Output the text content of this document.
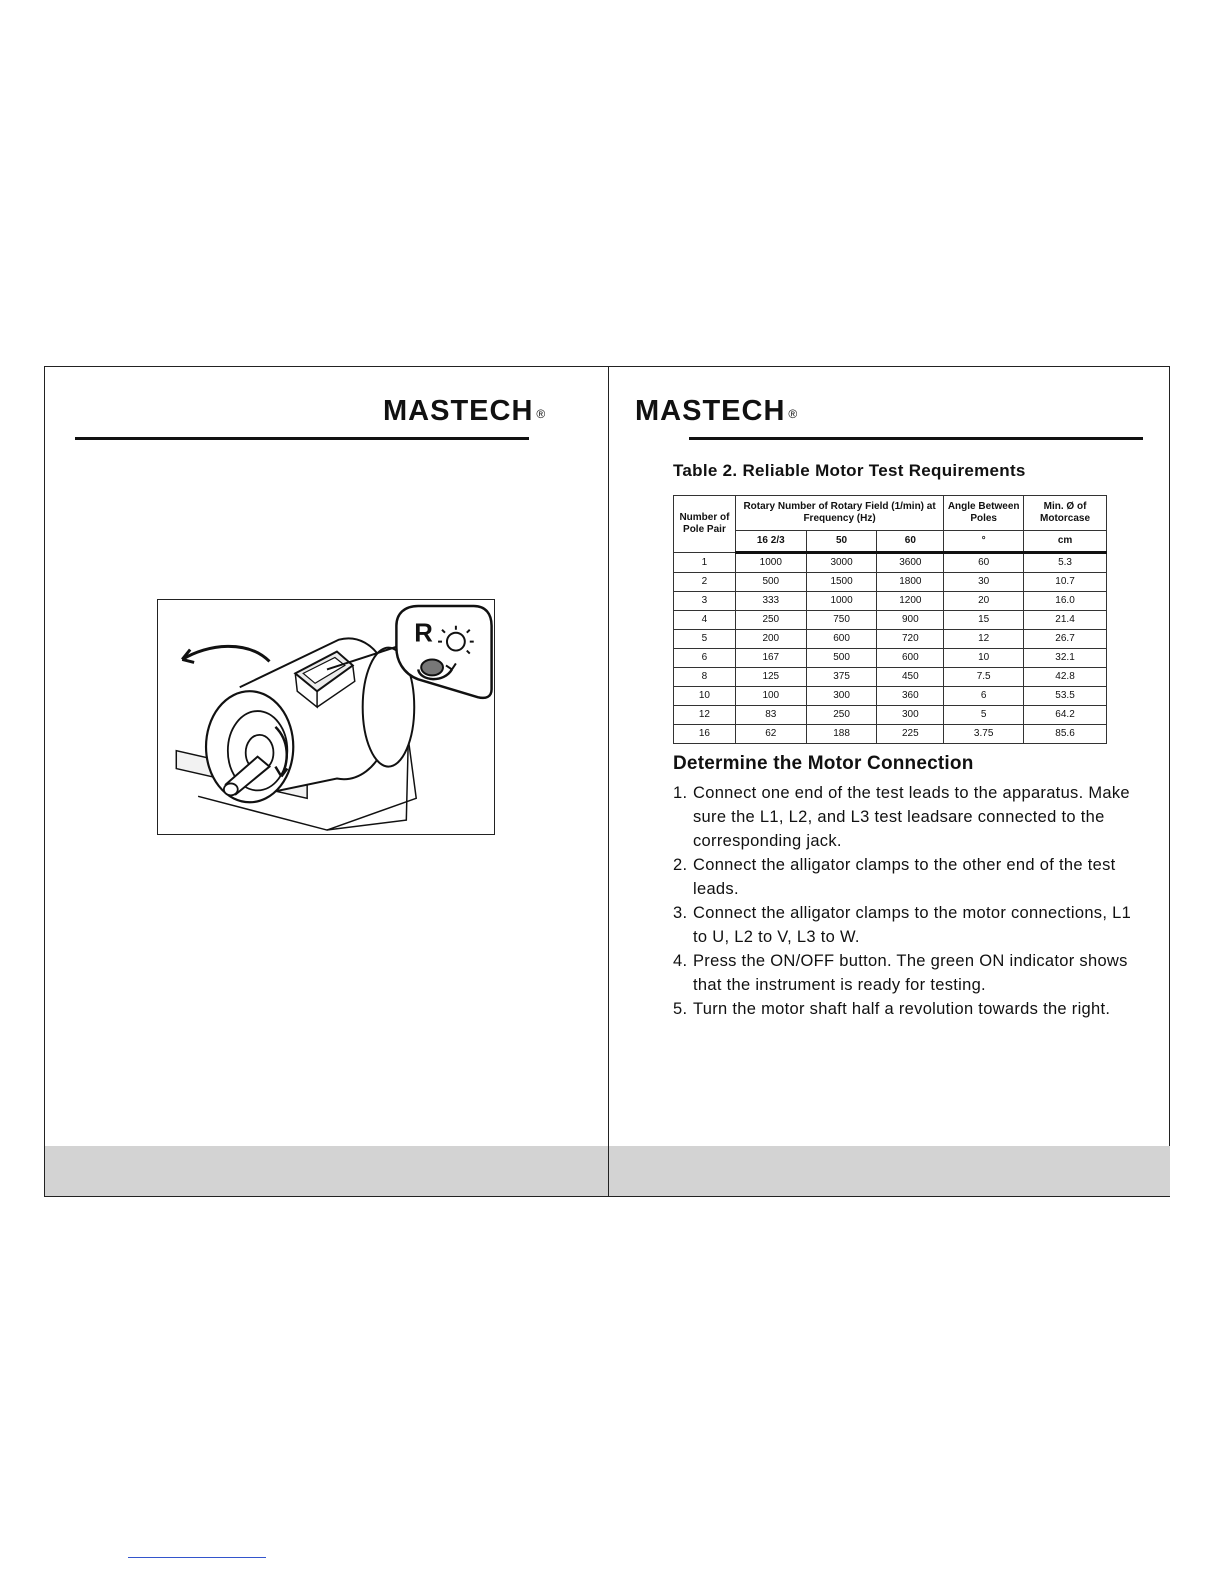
MASTECH ®
R
MASTECH ®
Table 2. Reliable Motor Test Requirements
Number of Pole Pair	Rotary Number of Rotary Field (1/min) at Frequency (Hz)			Angle Between Poles	Min. Ø of Motorcase
	16 2/3	50	60	°	cm
1	1000	3000	3600	60	5.3
2	500	1500	1800	30	10.7
3	333	1000	1200	20	16.0
4	250	750	900	15	21.4
5	200	600	720	12	26.7
6	167	500	600	10	32.1
8	125	375	450	7.5	42.8
10	100	300	360	6	53.5
12	83	250	300	5	64.2
16	62	188	225	3.75	85.6
Determine the Motor Connection
1. Connect one end of the test leads to the apparatus. Make sure the L1, L2, and L3 test leadsare connected to the corresponding jack.
2. Connect the alligator clamps to the other end of the test leads.
3. Connect the alligator clamps to the motor connections, L1 to U, L2 to V, L3 to W.
4. Press the ON/OFF button. The green ON indicator shows that the instrument is ready for testing.
5. Turn the motor shaft half a revolution towards the right.
